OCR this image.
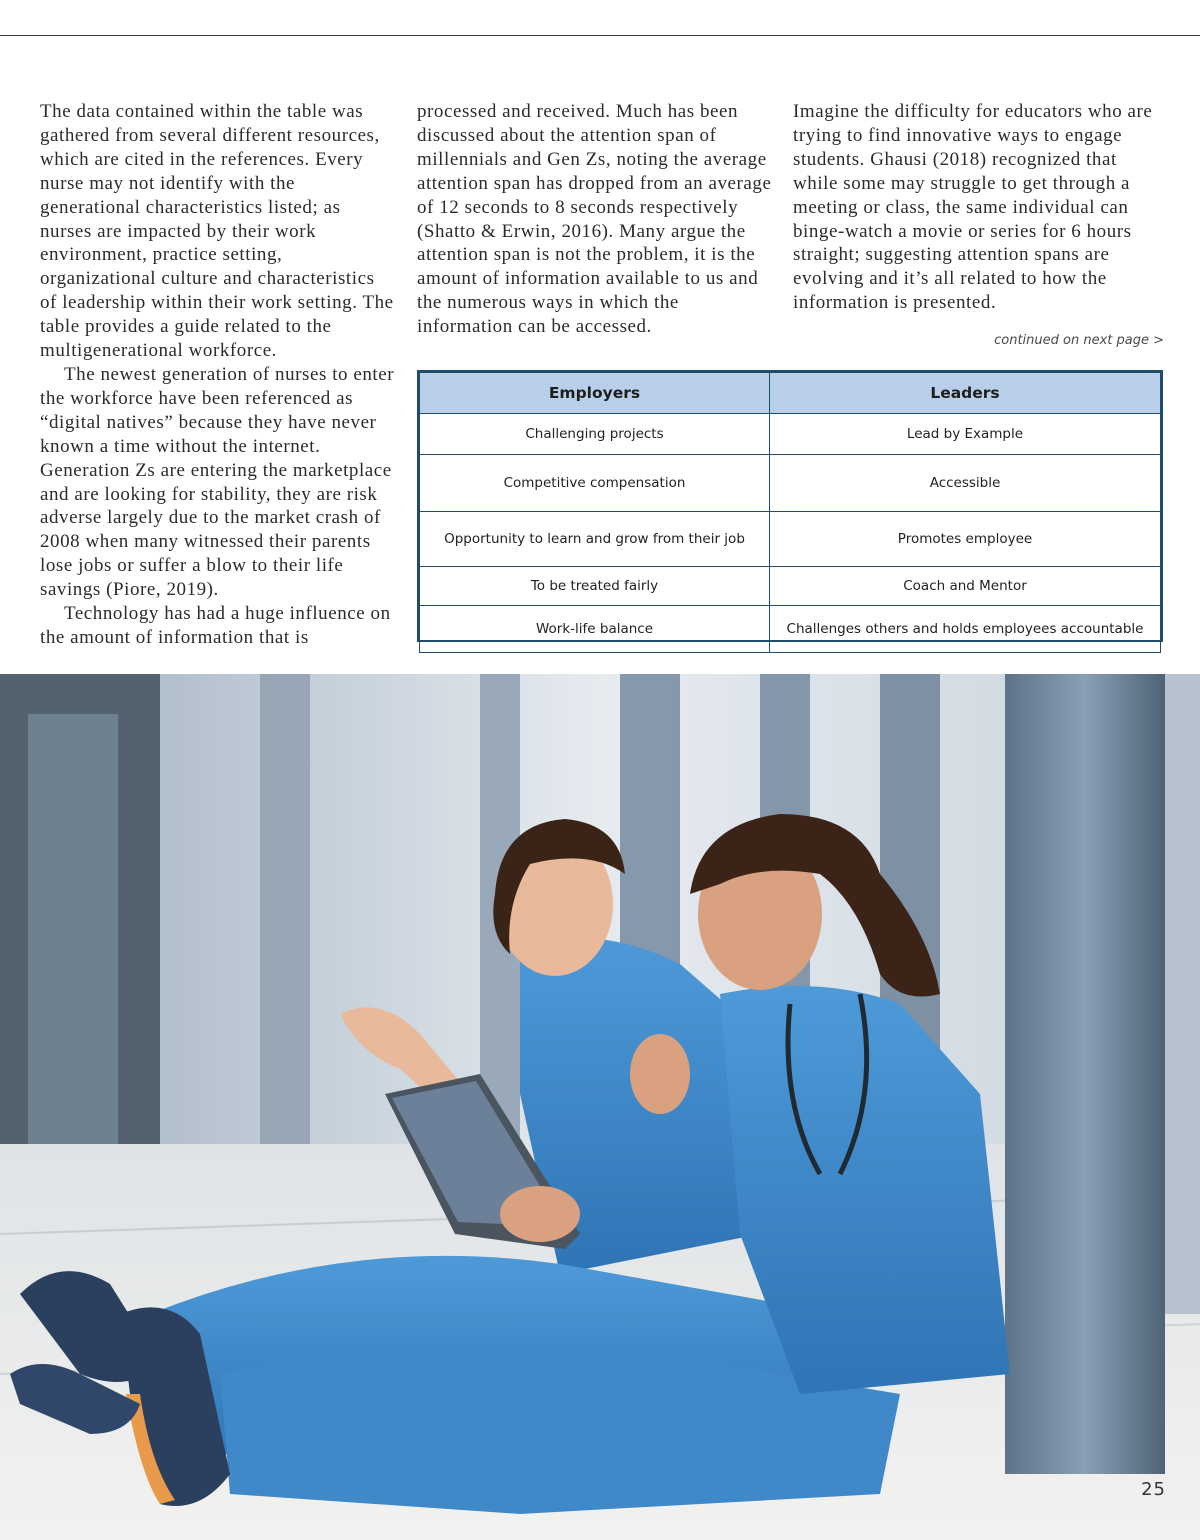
The data contained within the table was gathered from several different resources, which are cited in the references. Every nurse may not identify with the generational characteristics listed; as nurses are impacted by their work environment, practice setting, organizational culture and characteristics of leadership within their work setting. The table provides a guide related to the multigenerational workforce.

The newest generation of nurses to enter the workforce have been referenced as “digital natives” because they have never known a time without the internet. Generation Zs are entering the marketplace and are looking for stability, they are risk adverse largely due to the market crash of 2008 when many witnessed their parents lose jobs or suffer a blow to their life savings (Piore, 2019).

Technology has had a huge influence on the amount of information that is

processed and received. Much has been discussed about the attention span of millennials and Gen Zs, noting the average attention span has dropped from an average of 12 seconds to 8 seconds respectively (Shatto & Erwin, 2016). Many argue the attention span is not the problem, it is the amount of information available to us and the numerous ways in which the information can be accessed.

Imagine the difficulty for educators who are trying to find innovative ways to engage students. Ghausi (2018) recognized that while some may struggle to get through a meeting or class, the same individual can binge-watch a movie or series for 6 hours straight; suggesting attention spans are evolving and it’s all related to how the information is presented.

continued on next page >
Employers	Leaders
Challenging projects	Lead by Example
Competitive compensation	Accessible
Opportunity to learn and grow from their job	Promotes employee
To be treated fairly	Coach and Mentor
Work-life balance	Challenges others and holds employees accountable
25
